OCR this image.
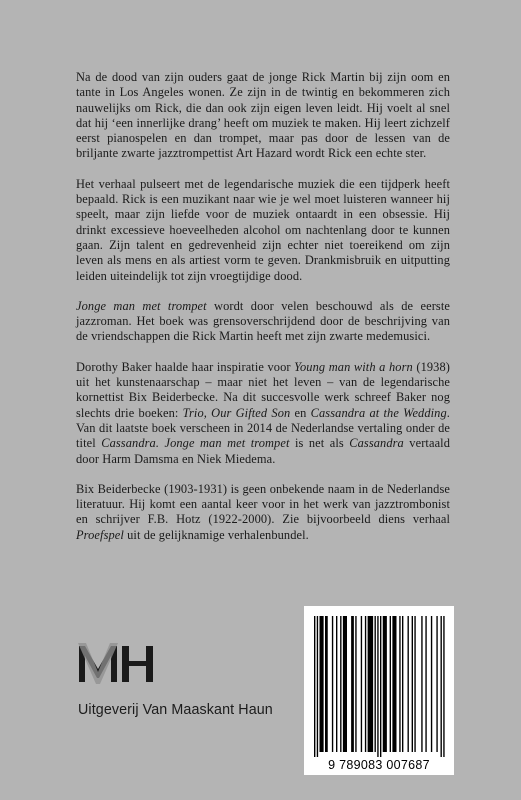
Na de dood van zijn ouders gaat de jonge Rick Martin bij zijn oom en tante in Los Angeles wonen. Ze zijn in de twintig en bekommeren zich nauwelijks om Rick, die dan ook zijn eigen leven leidt. Hij voelt al snel dat hij ‘een innerlijke drang’ heeft om muziek te maken. Hij leert zichzelf eerst pianospelen en dan trompet, maar pas door de lessen van de briljante zwarte jazztrompettist Art Hazard wordt Rick een echte ster.

Het verhaal pulseert met de legendarische muziek die een tijdperk heeft bepaald. Rick is een muzikant naar wie je wel moet luisteren wanneer hij speelt, maar zijn liefde voor de muziek ontaardt in een obsessie. Hij drinkt excessieve hoeveelheden alcohol om nachtenlang door te kunnen gaan. Zijn talent en gedrevenheid zijn echter niet toereikend om zijn leven als mens en als artiest vorm te geven. Drankmisbruik en uitputting leiden uiteindelijk tot zijn vroegtijdige dood.

Jonge man met trompet wordt door velen beschouwd als de eerste jazzroman. Het boek was grensoverschrijdend door de beschrijving van de vriendschappen die Rick Martin heeft met zijn zwarte medemusici.

Dorothy Baker haalde haar inspiratie voor Young man with a horn (1938) uit het kunstenaarschap – maar niet het leven – van de legendarische kornettist Bix Beiderbecke. Na dit succesvolle werk schreef Baker nog slechts drie boeken: Trio, Our Gifted Son en Cassandra at the Wedding. Van dit laatste boek verscheen in 2014 de Nederlandse vertaling onder de titel Cassandra. Jonge man met trompet is net als Cassandra vertaald door Harm Damsma en Niek Miedema.

Bix Beiderbecke (1903-1931) is geen onbekende naam in de Nederlandse literatuur. Hij komt een aantal keer voor in het werk van jazztrombonist en schrijver F.B. Hotz (1922-2000). Zie bijvoorbeeld diens verhaal Proefspel uit de gelijknamige verhalenbundel.

Uitgeverij Van Maaskant Haun
9 789083 007687
